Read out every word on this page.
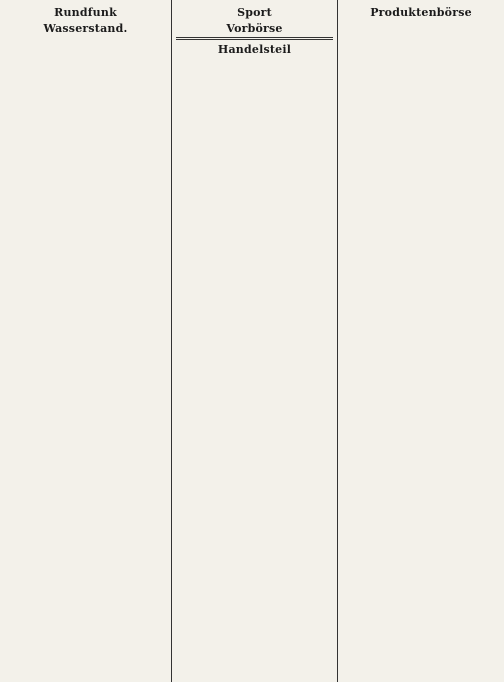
Rundfunk
Wasserstand.
Sport
Vorbörse
Handelsteil
Produktenbörse
